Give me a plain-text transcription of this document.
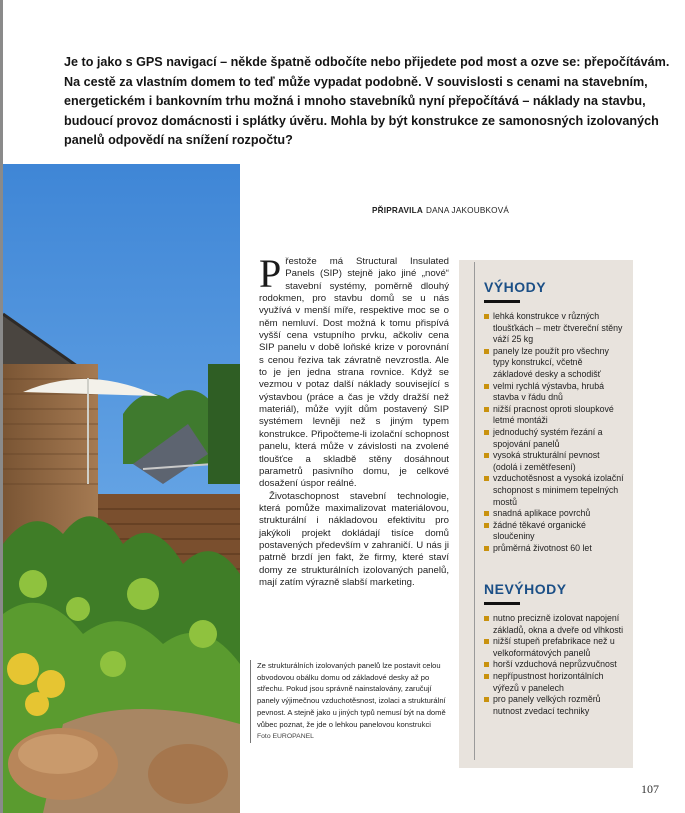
Je to jako s GPS navigací – někde špatně odbočíte nebo přijedete pod most a ozve se: přepočítávám. Na cestě za vlastním domem to teď může vypadat podobně. V souvislosti s cenami na stavebním, energetickém i bankovním trhu možná i mnoho stavebníků nyní přepočítává – náklady na stavbu, budoucí provoz domácnosti i splátky úvěru. Mohla by být konstrukce ze samonosných izolovaných panelů odpovědí na snížení rozpočtu?

PŘIPRAVILA DANA JAKOUBKOVÁ
P řestože má Structural Insulated Panels (SIP) stejně jako jiné „nové“ stavební systémy, poměrně dlouhý rodokmen, pro stavbu domů se u nás využívá v menší míře, respektive moc se o něm nemluví. Dost možná k tomu přispívá vyšší cena vstupního prvku, ačkoliv cena SIP panelu v době loňské krize v porovnání s cenou řeziva tak závratně nevzrostla. Ale to je jen jedna strana rovnice. Když se vezmou v potaz další náklady související s výstavbou (práce a čas je vždy dražší než materiál), může vyjít dům postavený SIP systémem levněji než s jiným typem konstrukce. Připočteme-li izolační schopnost panelu, která může v závislosti na zvolené tloušťce a skladbě stěny dosáhnout parametrů pasivního domu, je celkové dosažení úspor reálné.

Životaschopnost stavební technologie, která pomůže maximalizovat materiálovou, strukturální i nákladovou efektivitu pro jakýkoli projekt dokládají tisíce domů postavených především v zahraničí. U nás ji patrně brzdí jen fakt, že firmy, které staví domy ze strukturálních izolovaných panelů, mají zatím výrazně slabší marketing.

Ze strukturálních izolovaných panelů lze postavit celou obvodovou obálku domu od základové desky až po střechu. Pokud jsou správně nainstalovány, zaručují panely výjimečnou vzduchotěsnost, izolaci a strukturální pevnost. A stejně jako u jiných typů nemusí být na domě vůbec poznat, že jde o lehkou panelovou konstrukci
Foto EUROPANEL
VÝHODY
lehká konstrukce v různých tloušťkách – metr čtvereční stěny váží 25 kg
panely lze použít pro všechny typy konstrukcí, včetně základové desky a schodišť
velmi rychlá výstavba, hrubá stavba v řádu dnů
nižší pracnost oproti sloupkové letmé montáži
jednoduchý systém řezání a spojování panelů
vysoká strukturální pevnost (odolá i zemětřesení)
vzduchotěsnost a vysoká izolační schopnost s minimem tepelných mostů
snadná aplikace povrchů
žádné těkavé organické sloučeniny
průměrná životnost 60 let
NEVÝHODY
nutno precizně izolovat napojení základů, okna a dveře od vlhkosti
nižší stupeň prefabrikace než u velkoformátových panelů
horší vzduchová neprůzvučnost
nepřípustnost horizontálních výřezů v panelech
pro panely velkých rozměrů nutnost zvedací techniky
107
